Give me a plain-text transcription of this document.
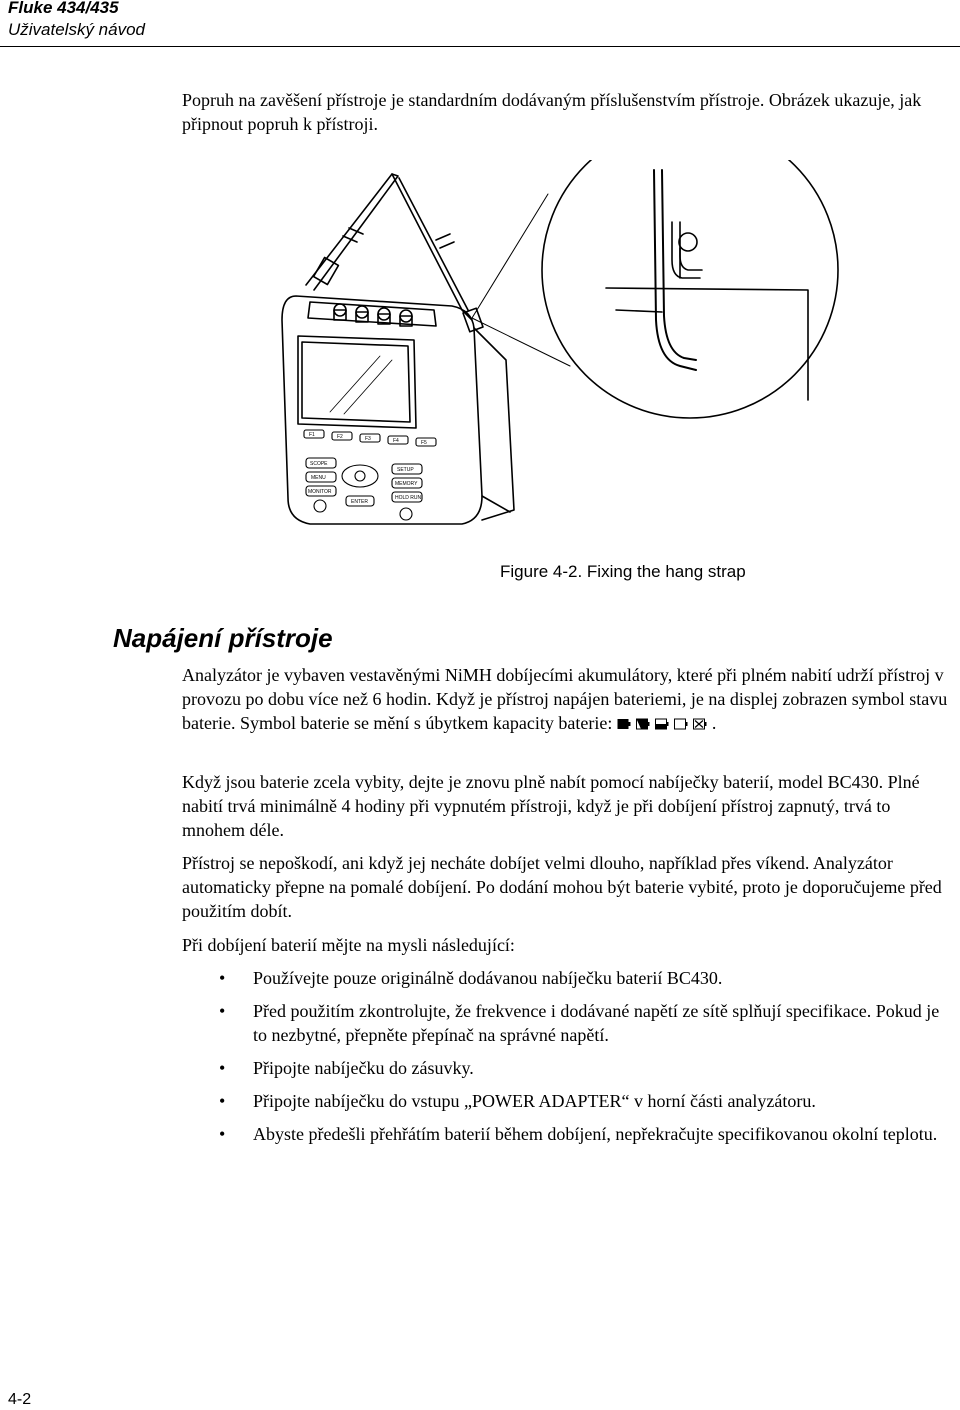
Fluke 434/435
Uživatelský návod
Popruh na zavěšení přístroje je standardním dodávaným příslušenstvím přístroje. Obrázek ukazuje, jak připnout popruh k přístroji.
F1	F2	F3	F4	F5
SCOPE
MENU
MONITOR
SETUP
MEMORY
HOLD RUN
ENTER
Figure 4-2. Fixing the hang strap
Napájení přístroje
Analyzátor je vybaven vestavěnými NiMH dobíjecími akumulátory, které při plném nabití udrží přístroj v provozu po dobu více než 6 hodin. Když je přístroj napájen bateriemi, je na displej zobrazen symbol stavu baterie. Symbol baterie se mění s úbytkem kapacity baterie:	.
Když jsou baterie zcela vybity, dejte je znovu plně nabít pomocí nabíječky baterií, model BC430. Plné nabití trvá minimálně 4 hodiny při vypnutém přístroji, když je při dobíjení přístroj zapnutý, trvá to mnohem déle.
Přístroj se nepoškodí, ani když jej necháte dobíjet velmi dlouho, například přes víkend. Analyzátor automaticky přepne na pomalé dobíjení. Po dodání mohou být baterie vybité, proto je doporučujeme před použitím dobít.
Při dobíjení baterií mějte na mysli následující:
• Používejte pouze originálně dodávanou nabíječku baterií BC430.
• Před použitím zkontrolujte, že frekvence i dodávané napětí ze sítě splňují specifikace. Pokud je to nezbytné, přepněte přepínač na správné napětí.
• Připojte nabíječku do zásuvky.
• Připojte nabíječku do vstupu „POWER ADAPTER“ v horní části analyzátoru.
• Abyste předešli přehřátím baterií během dobíjení, nepřekračujte specifikovanou okolní teplotu.
4-2
